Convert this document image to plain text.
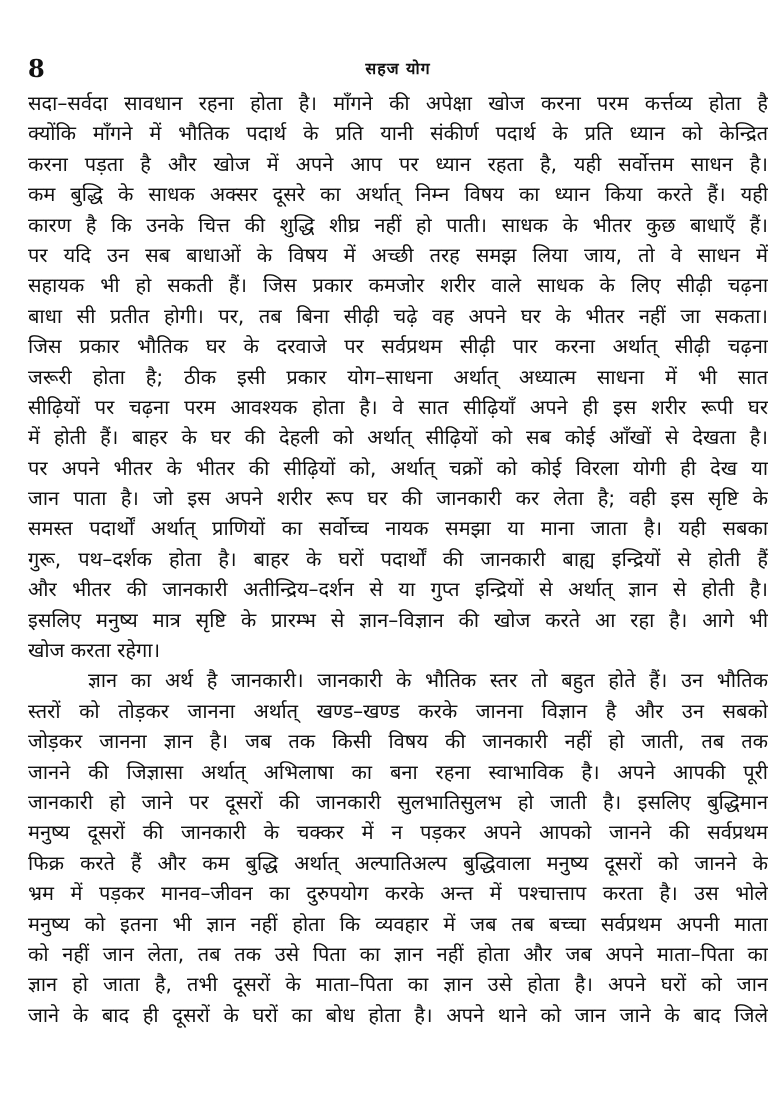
8	सहज योग
सदा–सर्वदा सावधान रहना होता है। माँगने की अपेक्षा खोज करना परम कर्त्तव्य होता है
क्योंकि माँगने में भौतिक पदार्थ के प्रति यानी संकीर्ण पदार्थ के प्रति ध्यान को केन्द्रित
करना पड़ता है और खोज में अपने आप पर ध्यान रहता है, यही सर्वोत्तम साधन है।
कम बुद्धि के साधक अक्सर दूसरे का अर्थात् निम्न विषय का ध्यान किया करते हैं। यही
कारण है कि उनके चित्त की शुद्धि शीघ्र नहीं हो पाती। साधक के भीतर कुछ बाधाएँ हैं।
पर यदि उन सब बाधाओं के विषय में अच्छी तरह समझ लिया जाय, तो वे साधन में
सहायक भी हो सकती हैं। जिस प्रकार कमजोर शरीर वाले साधक के लिए सीढ़ी चढ़ना
बाधा सी प्रतीत होगी। पर, तब बिना सीढ़ी चढ़े वह अपने घर के भीतर नहीं जा सकता।
जिस प्रकार भौतिक घर के दरवाजे पर सर्वप्रथम सीढ़ी पार करना अर्थात् सीढ़ी चढ़ना
जरूरी होता है; ठीक इसी प्रकार योग–साधना अर्थात् अध्यात्म साधना में भी सात
सीढ़ियों पर चढ़ना परम आवश्यक होता है। वे सात सीढ़ियाँ अपने ही इस शरीर रूपी घर
में होती हैं। बाहर के घर की देहली को अर्थात् सीढ़ियों को सब कोई आँखों से देखता है।
पर अपने भीतर के भीतर की सीढ़ियों को, अर्थात् चक्रों को कोई विरला योगी ही देख या
जान पाता है। जो इस अपने शरीर रूप घर की जानकारी कर लेता है; वही इस सृष्टि के
समस्त पदार्थों अर्थात् प्राणियों का सर्वोच्च नायक समझा या माना जाता है। यही सबका
गुरू, पथ–दर्शक होता है। बाहर के घरों पदार्थों की जानकारी बाह्य इन्द्रियों से होती हैं
और भीतर की जानकारी अतीन्द्रिय–दर्शन से या गुप्त इन्द्रियों से अर्थात् ज्ञान से होती है।
इसलिए मनुष्य मात्र सृष्टि के प्रारम्भ से ज्ञान–विज्ञान की खोज करते आ रहा है। आगे भी
खोज करता रहेगा।
ज्ञान का अर्थ है जानकारी। जानकारी के भौतिक स्तर तो बहुत होते हैं। उन भौतिक
स्तरों को तोड़कर जानना अर्थात् खण्ड–खण्ड करके जानना विज्ञान है और उन सबको
जोड़कर जानना ज्ञान है। जब तक किसी विषय की जानकारी नहीं हो जाती, तब तक
जानने की जिज्ञासा अर्थात् अभिलाषा का बना रहना स्वाभाविक है। अपने आपकी पूरी
जानकारी हो जाने पर दूसरों की जानकारी सुलभातिसुलभ हो जाती है। इसलिए बुद्धिमान
मनुष्य दूसरों की जानकारी के चक्कर में न पड़कर अपने आपको जानने की सर्वप्रथम
फिक्र करते हैं और कम बुद्धि अर्थात् अल्पातिअल्प बुद्धिवाला मनुष्य दूसरों को जानने के
भ्रम में पड़कर मानव–जीवन का दुरुपयोग करके अन्त में पश्चात्ताप करता है। उस भोले
मनुष्य को इतना भी ज्ञान नहीं होता कि व्यवहार में जब तब बच्चा सर्वप्रथम अपनी माता
को नहीं जान लेता, तब तक उसे पिता का ज्ञान नहीं होता और जब अपने माता–पिता का
ज्ञान हो जाता है, तभी दूसरों के माता–पिता का ज्ञान उसे होता है। अपने घरों को जान
जाने के बाद ही दूसरों के घरों का बोध होता है। अपने थाने को जान जाने के बाद जिले
